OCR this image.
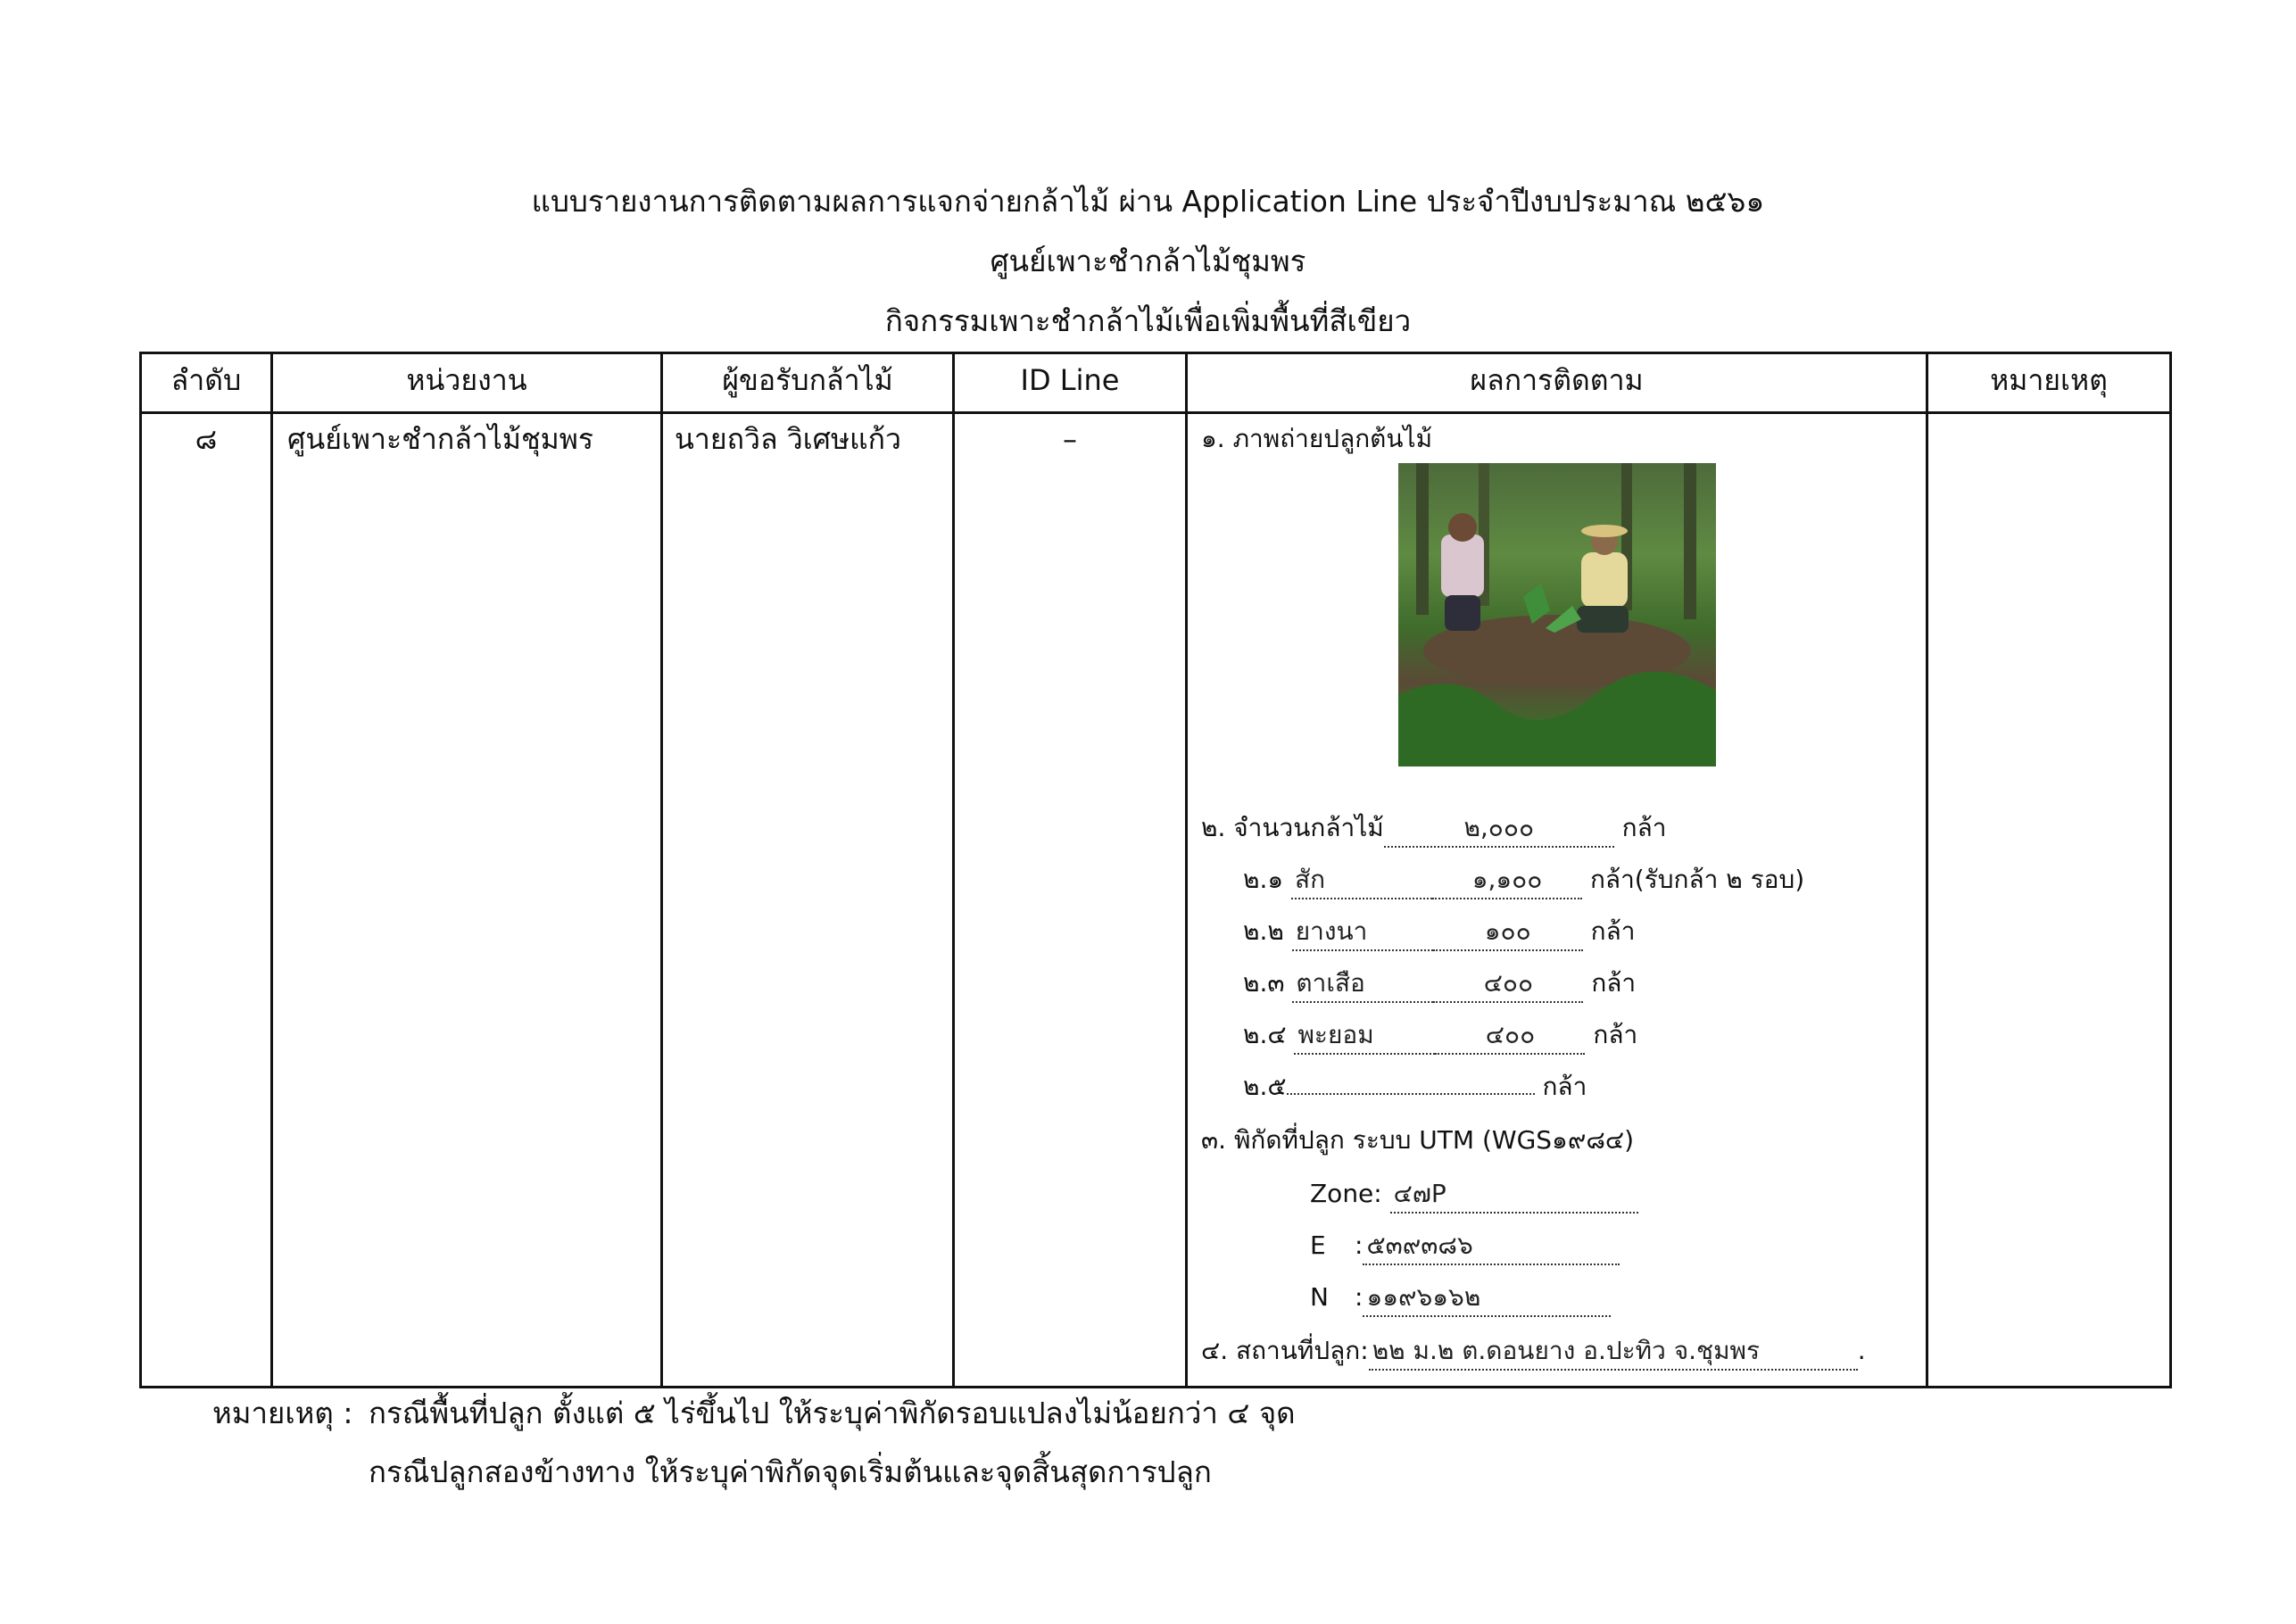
แบบรายงานการติดตามผลการแจกจ่ายกล้าไม้ ผ่าน Application Line ประจำปีงบประมาณ ๒๕๖๑
ศูนย์เพาะชำกล้าไม้ชุมพร
กิจกรรมเพาะชำกล้าไม้เพื่อเพิ่มพื้นที่สีเขียว
ลำดับ	หน่วยงาน	ผู้ขอรับกล้าไม้	ID Line	ผลการติดตาม	หมายเหตุ
๘	ศูนย์เพาะชำกล้าไม้ชุมพร	นายถวิล วิเศษแก้ว	–	๑. ภาพถ่ายปลูกต้นไม้
๒. จำนวนกล้าไม้	๒,๐๐๐	กล้า
๒.๑ สัก	๑,๑๐๐ กล้า(รับกล้า ๒ รอบ)
๒.๒ ยางนา	๑๐๐ กล้า
๒.๓ ตาเสือ	๔๐๐ กล้า
๒.๔ พะยอม	๔๐๐ กล้า
๒.๕	กล้า
๓. พิกัดที่ปลูก ระบบ UTM (WGS๑๙๘๔)
Zone: ๔๗P
E : ๕๓๙๓๘๖
N : ๑๑๙๖๑๖๒
๔. สถานที่ปลูก: ๒๒ ม.๒ ต.ดอนยาง อ.ปะทิว จ.ชุมพร	.
หมายเหตุ : กรณีพื้นที่ปลูก ตั้งแต่ ๕ ไร่ขึ้นไป ให้ระบุค่าพิกัดรอบแปลงไม่น้อยกว่า ๔ จุด
กรณีปลูกสองข้างทาง ให้ระบุค่าพิกัดจุดเริ่มต้นและจุดสิ้นสุดการปลูก
